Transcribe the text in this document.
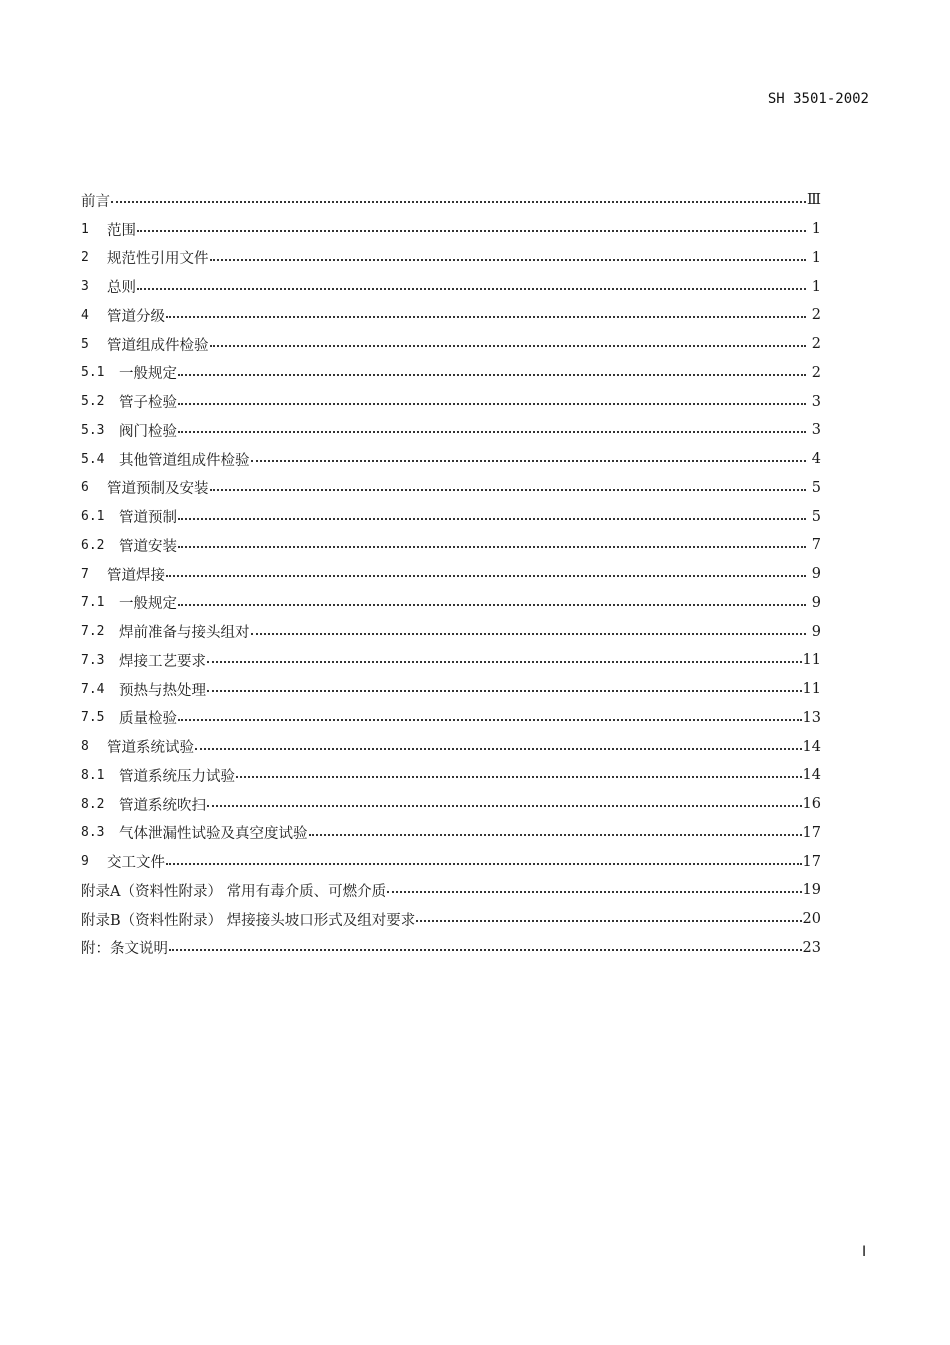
SH 3501-2002
前言	Ⅲ
1	范围	1
2	规范性引用文件	1
3	总则	1
4	管道分级	2
5	管道组成件检验	2
5.1	一般规定	2
5.2	管子检验	3
5.3	阀门检验	3
5.4	其他管道组成件检验	4
6	管道预制及安装	5
6.1	管道预制	5
6.2	管道安装	7
7	管道焊接	9
7.1	一般规定	9
7.2	焊前准备与接头组对	9
7.3	焊接工艺要求	11
7.4	预热与热处理	11
7.5	质量检验	13
8	管道系统试验	14
8.1	管道系统压力试验	14
8.2	管道系统吹扫	16
8.3	气体泄漏性试验及真空度试验	17
9	交工文件	17
附录A（资料性附录） 常用有毒介质、可燃介质	19
附录B（资料性附录） 焊接接头坡口形式及组对要求	20
附：条文说明	23
I
